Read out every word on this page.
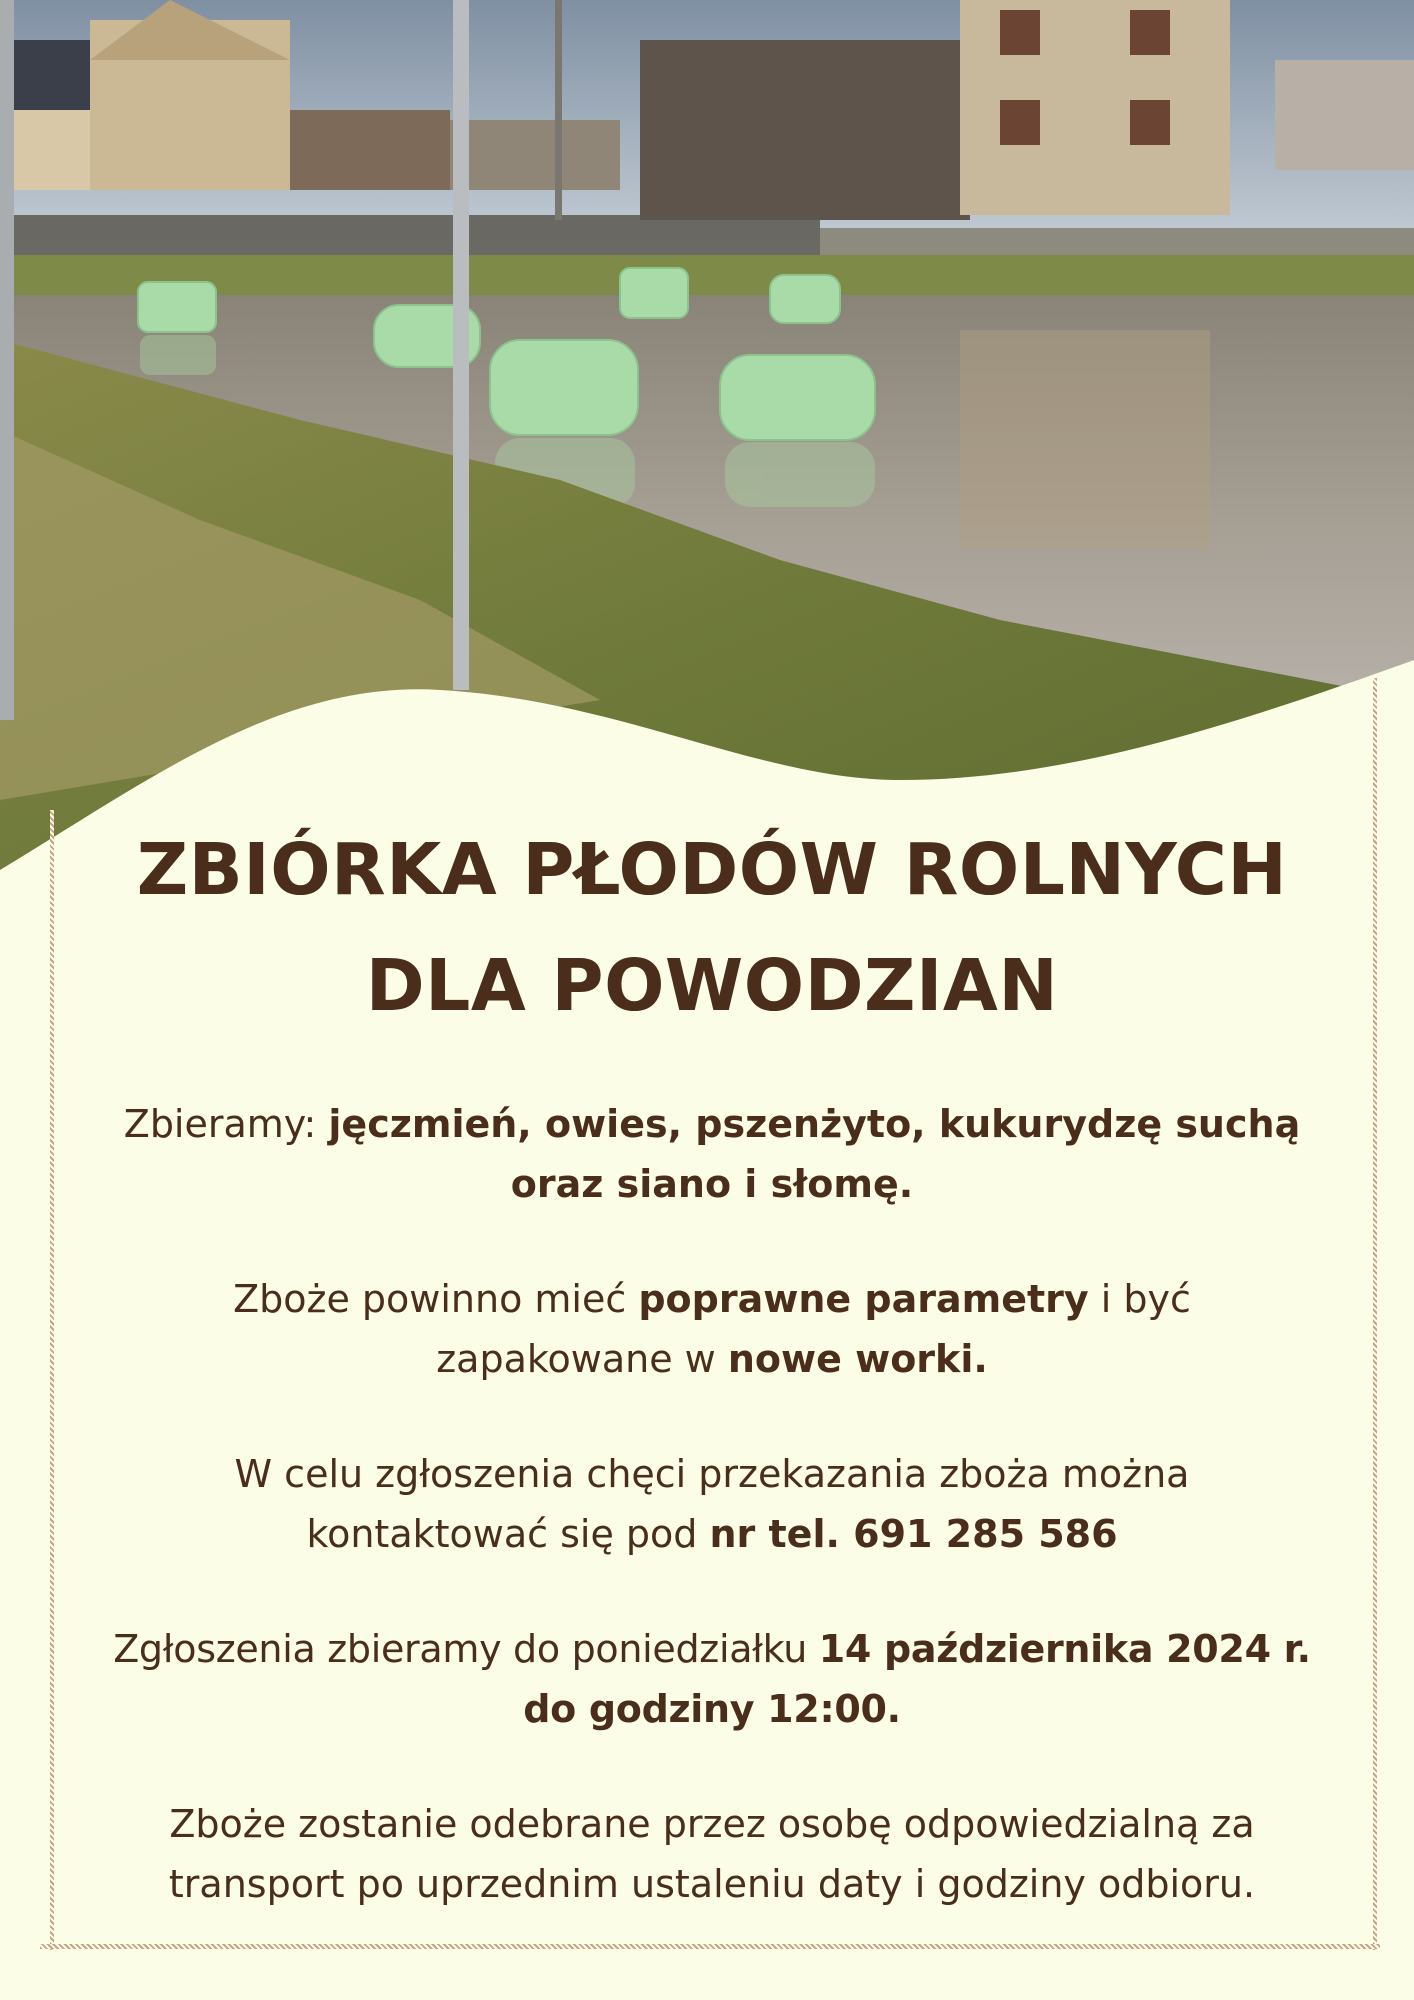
ZBIÓRKA PŁODÓW ROLNYCH
DLA POWODZIAN

Zbieramy: jęczmień, owies, pszenżyto, kukurydzę suchą
oraz siano i słomę.

Zboże powinno mieć poprawne parametry i być
zapakowane w nowe worki.

W celu zgłoszenia chęci przekazania zboża można
kontaktować się pod nr tel. 691 285 586

Zgłoszenia zbieramy do poniedziałku 14 października 2024 r.
do godziny 12:00.

Zboże zostanie odebrane przez osobę odpowiedzialną za
transport po uprzednim ustaleniu daty i godziny odbioru.
